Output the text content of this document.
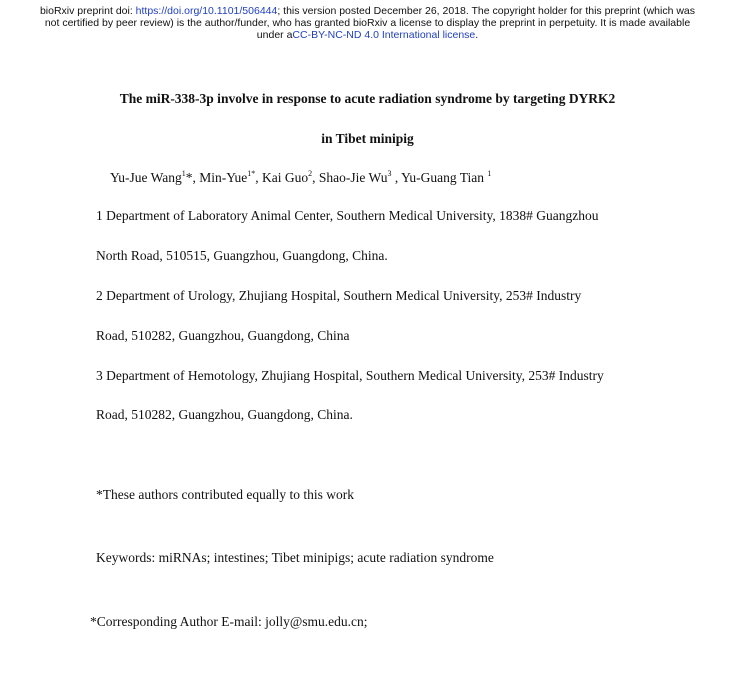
bioRxiv preprint doi: https://doi.org/10.1101/506444; this version posted December 26, 2018. The copyright holder for this preprint (which was
not certified by peer review) is the author/funder, who has granted bioRxiv a license to display the preprint in perpetuity. It is made available
under aCC-BY-NC-ND 4.0 International license.
The miR-338-3p involve in response to acute radiation syndrome by targeting DYRK2
in Tibet minipig
Yu-Jue Wang$^1$*, Min-Yue$^{1*}$, Kai Guo$^2$, Shao-Jie Wu$^3$ , Yu-Guang Tian $^1$
1 Department of Laboratory Animal Center, Southern Medical University, 1838# Guangzhou
North Road, 510515, Guangzhou, Guangdong, China.
2 Department of Urology, Zhujiang Hospital, Southern Medical University, 253# Industry
Road, 510282, Guangzhou, Guangdong, China
3 Department of Hemotology, Zhujiang Hospital, Southern Medical University, 253# Industry
Road, 510282, Guangzhou, Guangdong, China.
*These authors contributed equally to this work
Keywords: miRNAs; intestines; Tibet minipigs; acute radiation syndrome
*Corresponding Author E-mail: jolly@smu.edu.cn;
